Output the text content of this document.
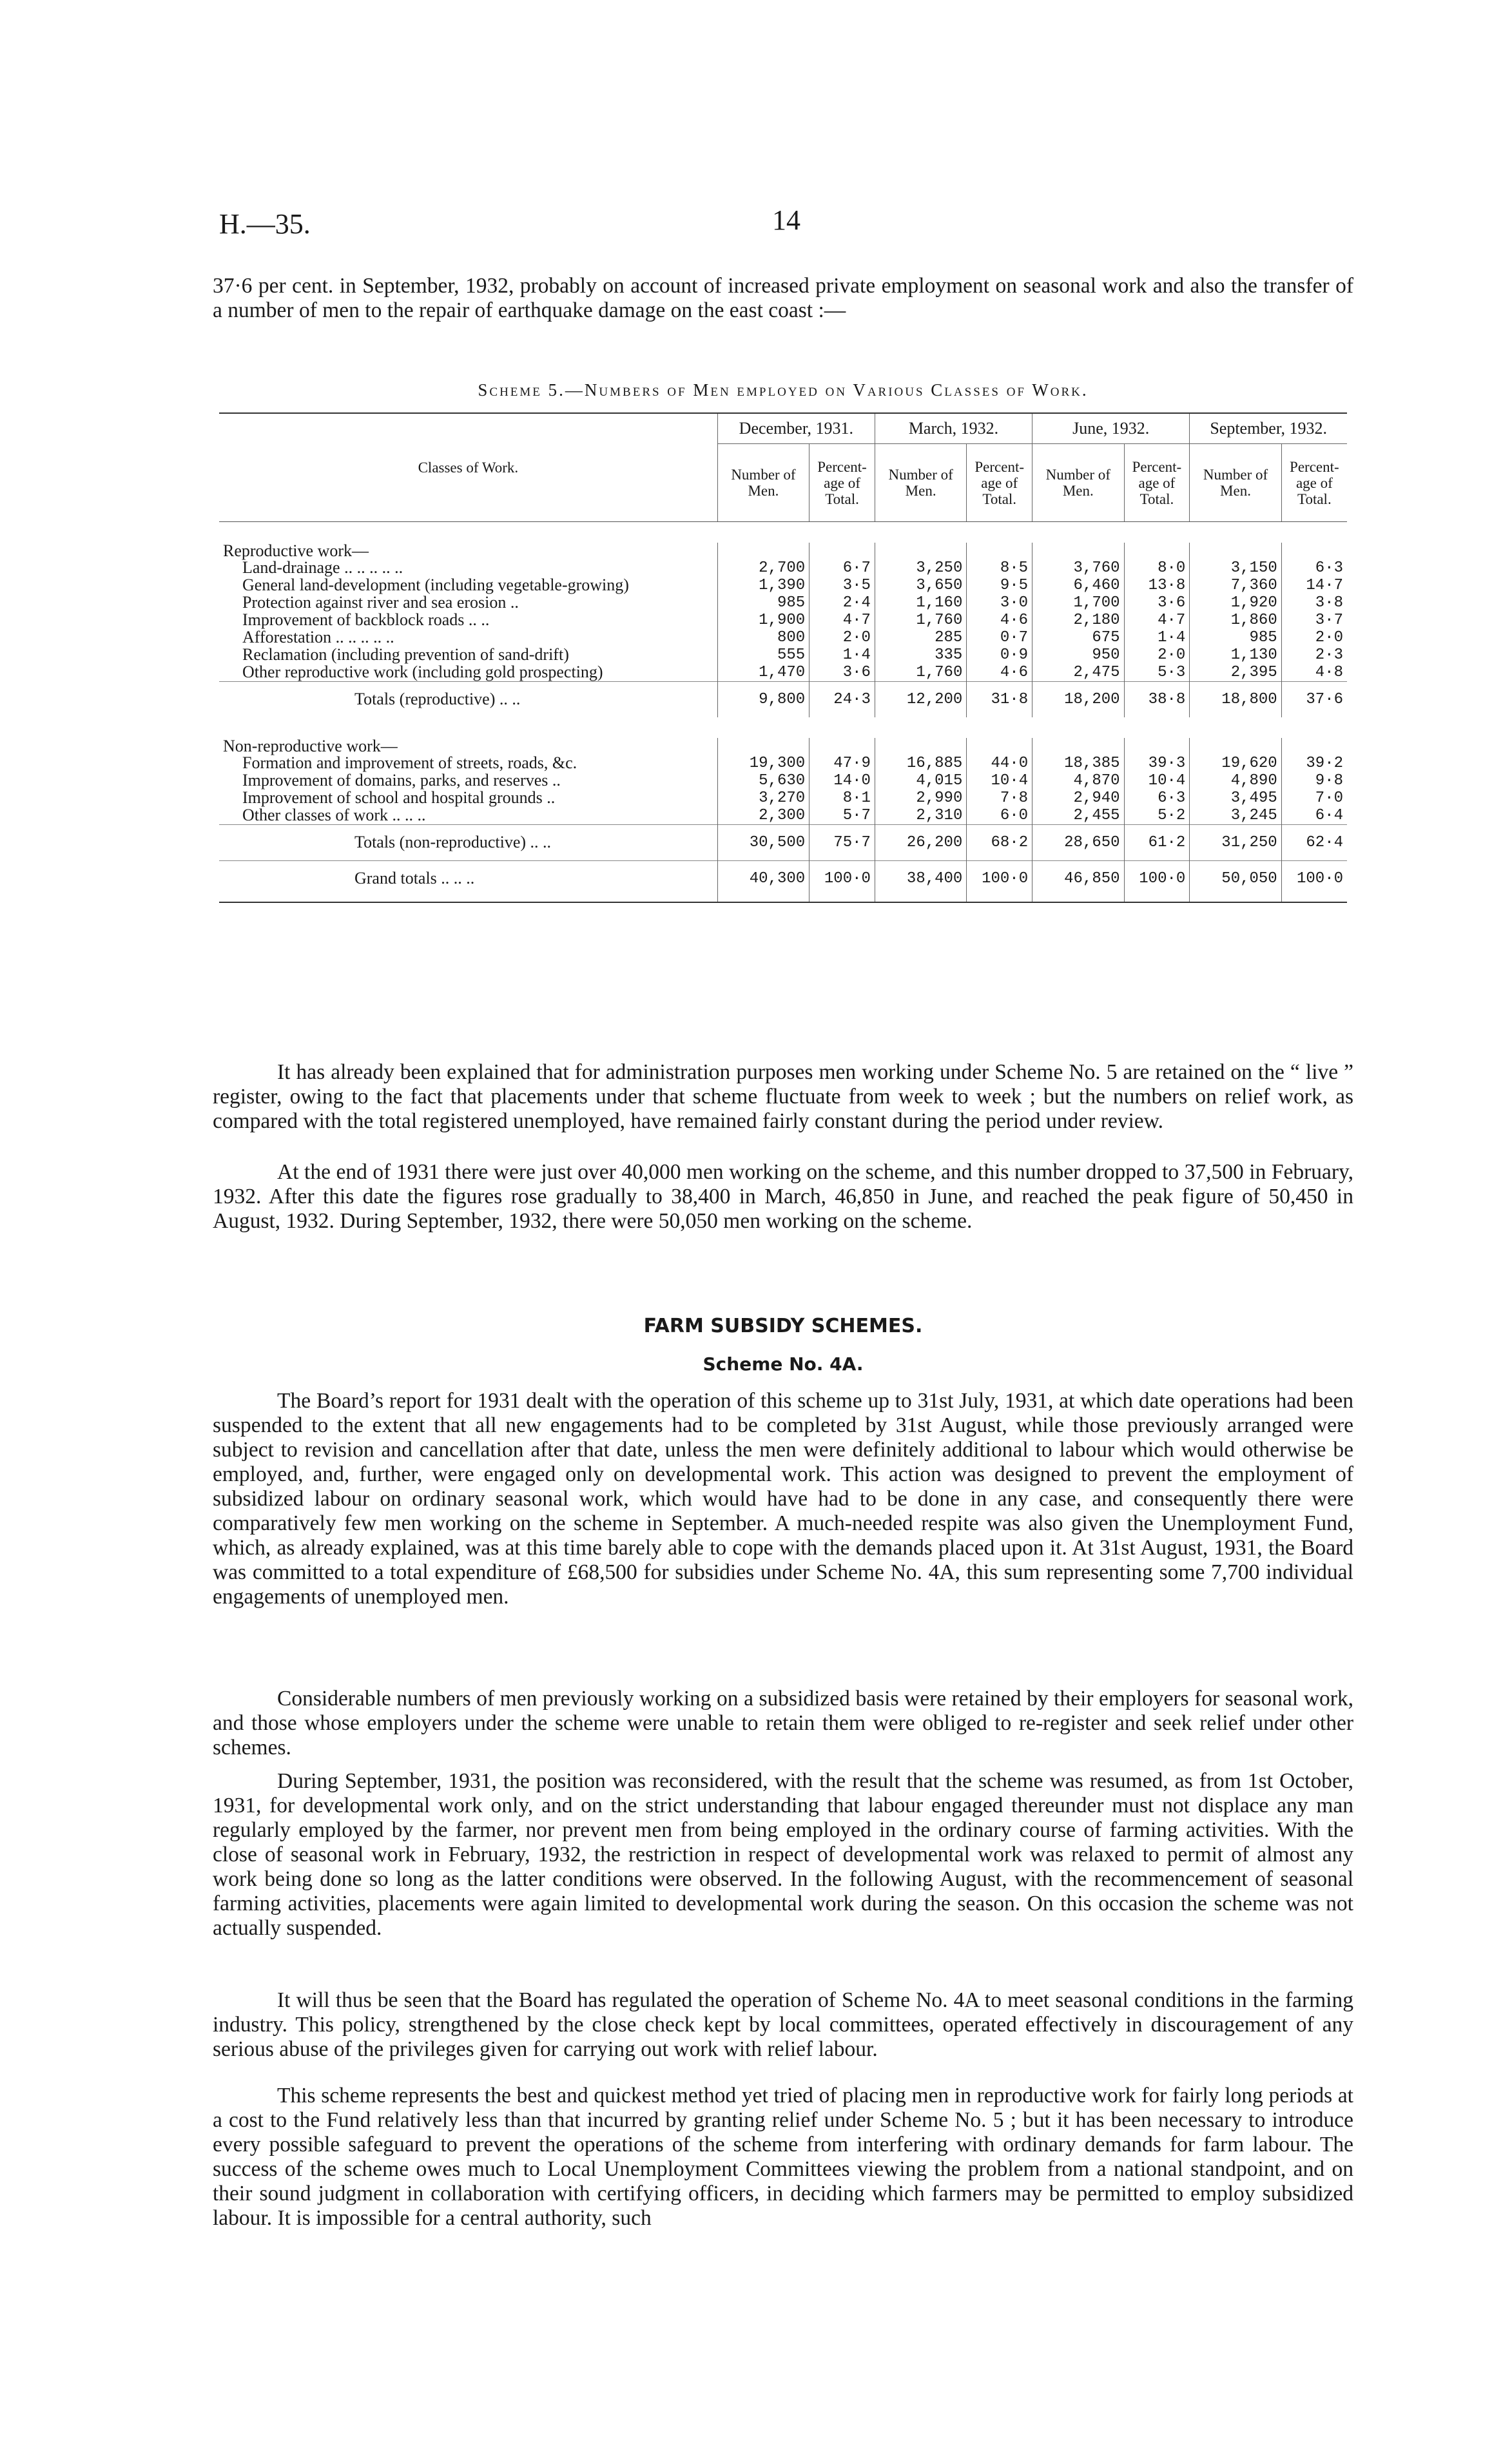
H.—35.	14

37·6 per cent. in September, 1932, probably on account of increased private employment on seasonal work and also the transfer of a number of men to the repair of earthquake damage on the east coast :—

Scheme 5.—Numbers of Men employed on Various Classes of Work.
Classes of Work.	December, 1931.		March, 1932.		June, 1932.		September, 1932.	
	Number of Men.	Percent-age of Total.	Number of Men.	Percent-age of Total.	Number of Men.	Percent-age of Total.	Number of Men.	Percent-age of Total.

Reproductive work—								
Land-drainage .. .. .. .. ..	2,700	6·7	3,250	8·5	3,760	8·0	3,150	6·3
General land-development (including vegetable-growing)	1,390	3·5	3,650	9·5	6,460	13·8	7,360	14·7
Protection against river and sea erosion ..	985	2·4	1,160	3·0	1,700	3·6	1,920	3·8
Improvement of backblock roads .. ..	1,900	4·7	1,760	4·6	2,180	4·7	1,860	3·7
Afforestation .. .. .. .. ..	800	2·0	285	0·7	675	1·4	985	2·0
Reclamation (including prevention of sand-drift)	555	1·4	335	0·9	950	2·0	1,130	2·3
Other reproductive work (including gold prospecting)	1,470	3·6	1,760	4·6	2,475	5·3	2,395	4·8
Totals (reproductive) .. ..	9,800	24·3	12,200	31·8	18,200	38·8	18,800	37·6

Non-reproductive work—								
Formation and improvement of streets, roads, &c.	19,300	47·9	16,885	44·0	18,385	39·3	19,620	39·2
Improvement of domains, parks, and reserves ..	5,630	14·0	4,015	10·4	4,870	10·4	4,890	9·8
Improvement of school and hospital grounds ..	3,270	8·1	2,990	7·8	2,940	6·3	3,495	7·0
Other classes of work .. .. ..	2,300	5·7	2,310	6·0	2,455	5·2	3,245	6·4
Totals (non-reproductive) .. ..	30,500	75·7	26,200	68·2	28,650	61·2	31,250	62·4
Grand totals .. .. ..	40,300	100·0	38,400	100·0	46,850	100·0	50,050	100·0

It has already been explained that for administration purposes men working under Scheme No. 5 are retained on the “ live ” register, owing to the fact that placements under that scheme fluctuate from week to week ; but the numbers on relief work, as compared with the total registered unemployed, have remained fairly constant during the period under review.

At the end of 1931 there were just over 40,000 men working on the scheme, and this number dropped to 37,500 in February, 1932. After this date the figures rose gradually to 38,400 in March, 46,850 in June, and reached the peak figure of 50,450 in August, 1932. During September, 1932, there were 50,050 men working on the scheme.

FARM SUBSIDY SCHEMES.
Scheme No. 4A.

The Board’s report for 1931 dealt with the operation of this scheme up to 31st July, 1931, at which date operations had been suspended to the extent that all new engagements had to be completed by 31st August, while those previously arranged were subject to revision and cancellation after that date, unless the men were definitely additional to labour which would otherwise be employed, and, further, were engaged only on developmental work. This action was designed to prevent the employment of subsidized labour on ordinary seasonal work, which would have had to be done in any case, and consequently there were comparatively few men working on the scheme in September. A much-needed respite was also given the Unemployment Fund, which, as already explained, was at this time barely able to cope with the demands placed upon it. At 31st August, 1931, the Board was committed to a total expenditure of £68,500 for subsidies under Scheme No. 4A, this sum representing some 7,700 individual engagements of unemployed men.

Considerable numbers of men previously working on a subsidized basis were retained by their employers for seasonal work, and those whose employers under the scheme were unable to retain them were obliged to re-register and seek relief under other schemes.

During September, 1931, the position was reconsidered, with the result that the scheme was resumed, as from 1st October, 1931, for developmental work only, and on the strict understanding that labour engaged thereunder must not displace any man regularly employed by the farmer, nor prevent men from being employed in the ordinary course of farming activities. With the close of seasonal work in February, 1932, the restriction in respect of developmental work was relaxed to permit of almost any work being done so long as the latter conditions were observed. In the following August, with the recommencement of seasonal farming activities, placements were again limited to developmental work during the season. On this occasion the scheme was not actually suspended.

It will thus be seen that the Board has regulated the operation of Scheme No. 4A to meet seasonal conditions in the farming industry. This policy, strengthened by the close check kept by local committees, operated effectively in discouragement of any serious abuse of the privileges given for carrying out work with relief labour.

This scheme represents the best and quickest method yet tried of placing men in reproductive work for fairly long periods at a cost to the Fund relatively less than that incurred by granting relief under Scheme No. 5 ; but it has been necessary to introduce every possible safeguard to prevent the operations of the scheme from interfering with ordinary demands for farm labour. The success of the scheme owes much to Local Unemployment Committees viewing the problem from a national standpoint, and on their sound judgment in collaboration with certifying officers, in deciding which farmers may be permitted to employ subsidized labour. It is impossible for a central authority, such
